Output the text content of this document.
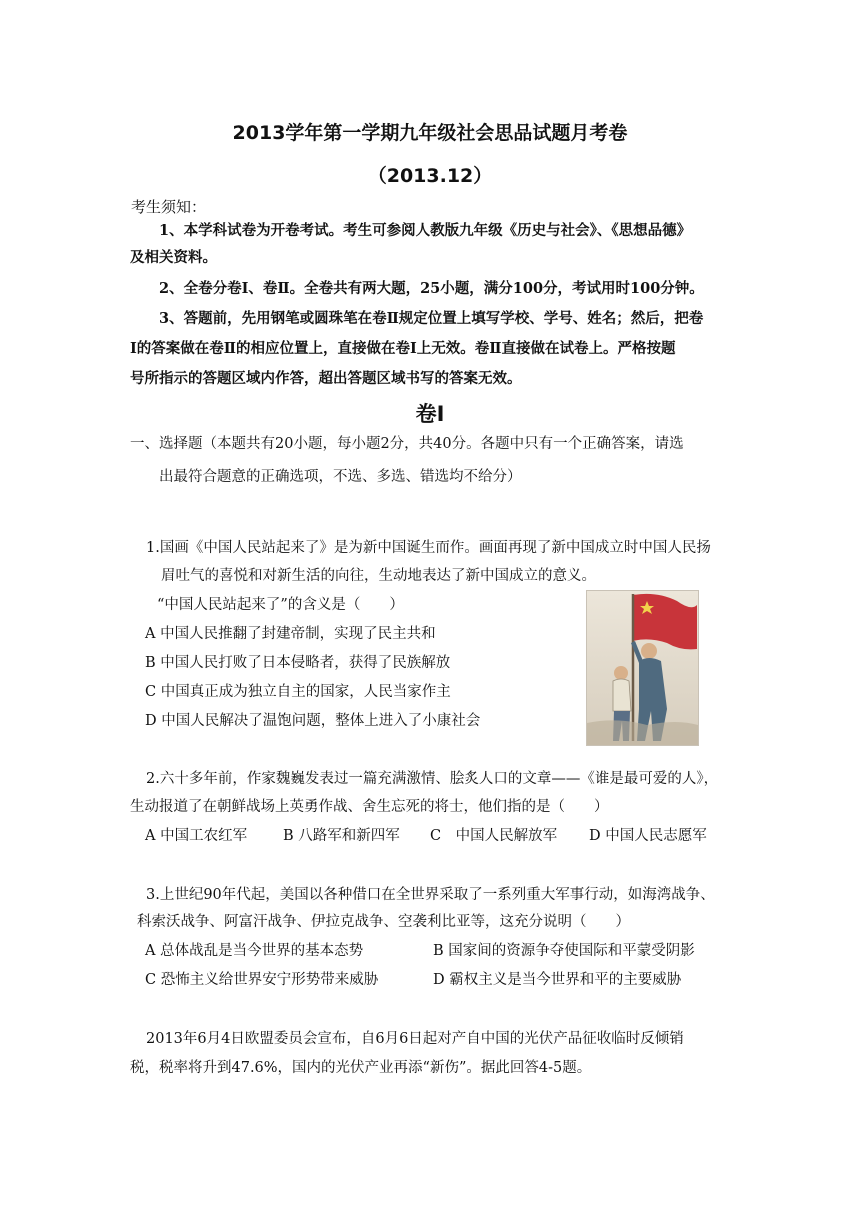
2013学年第一学期九年级社会思品试题月考卷
（2013.12）
考生须知：
1、本学科试卷为开卷考试。考生可参阅人教版九年级《历史与社会》、《思想品德》
及相关资料。
2、全卷分卷Ⅰ、卷Ⅱ。全卷共有两大题，25小题，满分100分，考试用时100分钟。
3、答题前，先用钢笔或圆珠笔在卷Ⅱ规定位置上填写学校、学号、姓名；然后，把卷
Ⅰ的答案做在卷Ⅱ的相应位置上，直接做在卷Ⅰ上无效。卷Ⅱ直接做在试卷上。严格按题
号所指示的答题区域内作答，超出答题区域书写的答案无效。
卷Ⅰ
一、选择题（本题共有20小题，每小题2分，共40分。各题中只有一个正确答案，请选
出最符合题意的正确选项，不选、多选、错选均不给分）
1.国画《中国人民站起来了》是为新中国诞生而作。画面再现了新中国成立时中国人民扬
眉吐气的喜悦和对新生活的向往，生动地表达了新中国成立的意义。
“中国人民站起来了”的含义是（　　）
A 中国人民推翻了封建帝制，实现了民主共和
B 中国人民打败了日本侵略者，获得了民族解放
C 中国真正成为独立自主的国家，人民当家作主
D 中国人民解决了温饱问题，整体上进入了小康社会
2.六十多年前，作家魏巍发表过一篇充满激情、脍炙人口的文章——《谁是最可爱的人》，
生动报道了在朝鲜战场上英勇作战、舍生忘死的将士，他们指的是（　　）
A 中国工农红军 B 八路军和新四军 C　中国人民解放军 D 中国人民志愿军
3.上世纪90年代起，美国以各种借口在全世界采取了一系列重大军事行动，如海湾战争、
科索沃战争、阿富汗战争、伊拉克战争、空袭利比亚等，这充分说明（　　）
A 总体战乱是当今世界的基本态势	B 国家间的资源争夺使国际和平蒙受阴影
C 恐怖主义给世界安宁形势带来威胁	D 霸权主义是当今世界和平的主要威胁
2013年6月4日欧盟委员会宣布，自6月6日起对产自中国的光伏产品征收临时反倾销
税，税率将升到47.6%，国内的光伏产业再添“新伤”。据此回答4-5题。
